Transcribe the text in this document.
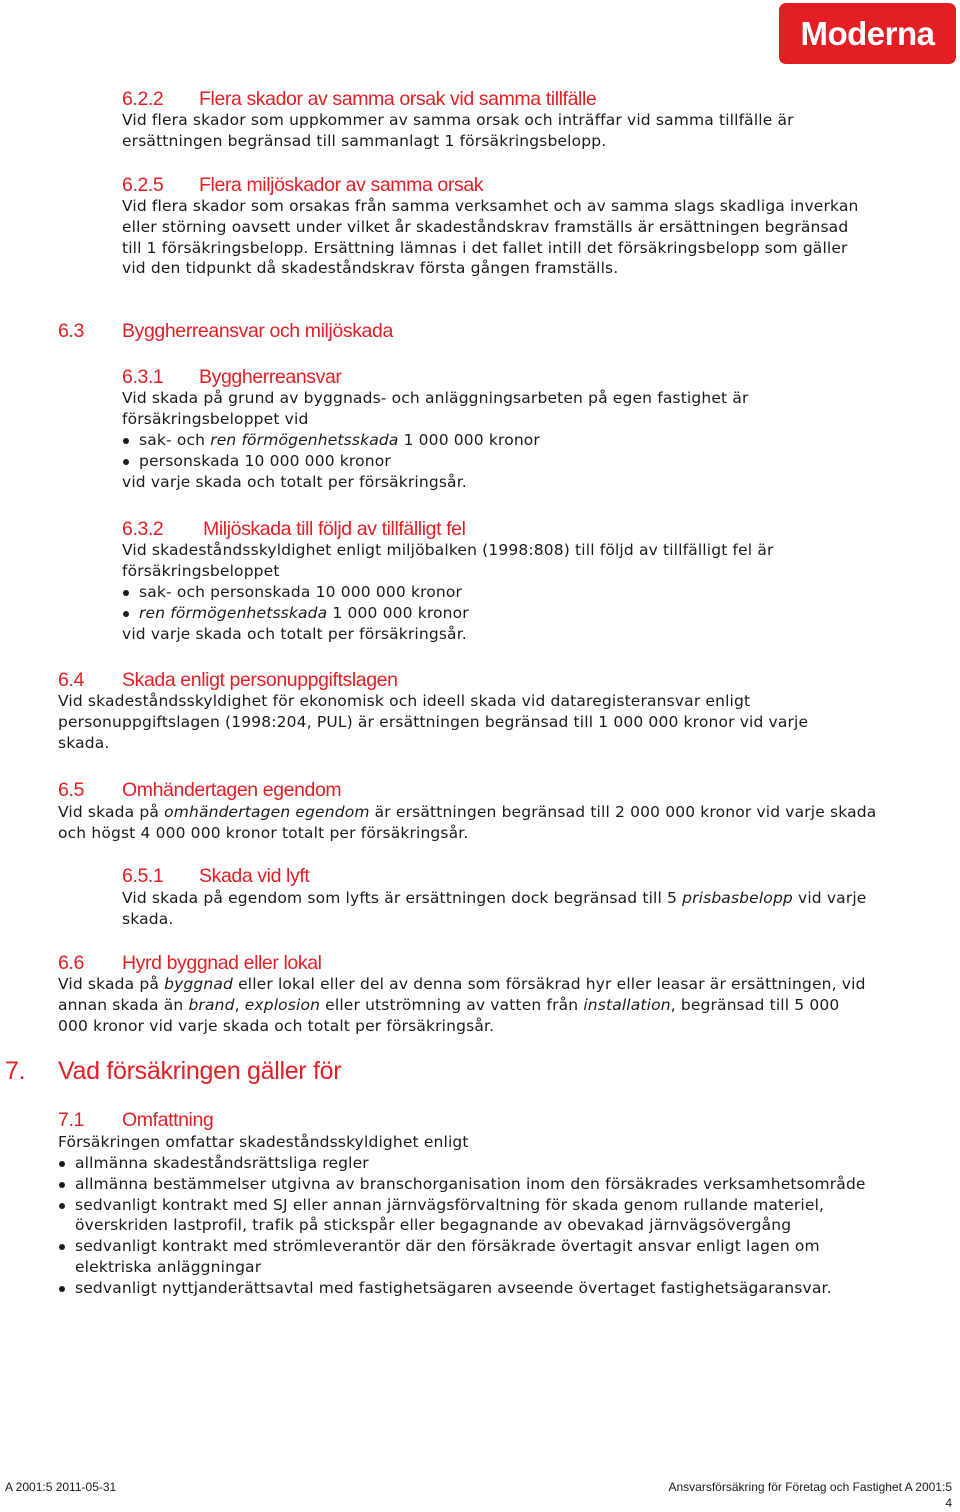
Moderna
6.2.2 Flera skador av samma orsak vid samma tillfälle

Vid flera skador som uppkommer av samma orsak och inträffar vid samma tillfälle är ersättningen begränsad till sammanlagt 1 försäkringsbelopp.

6.2.5 Flera miljöskador av samma orsak

Vid flera skador som orsakas från samma verksamhet och av samma slags skadliga inverkan eller störning oavsett under vilket år skadeståndskrav framställs är ersättningen begränsad till 1 försäkringsbelopp. Ersättning lämnas i det fallet intill det försäkringsbelopp som gäller vid den tidpunkt då skadeståndskrav första gången framställs.

6.3 Byggherreansvar och miljöskada
6.3.1 Byggherreansvar

Vid skada på grund av byggnads- och anläggningsarbeten på egen fastighet är försäkringsbeloppet vid

sak- och ren förmögenhetsskada 1 000 000 kronor
personskada 10 000 000 kronor

vid varje skada och totalt per försäkringsår.

6.3.2 Miljöskada till följd av tillfälligt fel

Vid skadeståndsskyldighet enligt miljöbalken (1998:808) till följd av tillfälligt fel är försäkringsbeloppet

sak- och personskada 10 000 000 kronor
ren förmögenhetsskada 1 000 000 kronor

vid varje skada och totalt per försäkringsår.

6.4 Skada enligt personuppgiftslagen

Vid skadeståndsskyldighet för ekonomisk och ideell skada vid dataregisteransvar enligt personuppgiftslagen (1998:204, PUL) är ersättningen begränsad till 1 000 000 kronor vid varje skada.

6.5 Omhändertagen egendom

Vid skada på omhändertagen egendom är ersättningen begränsad till 2 000 000 kronor vid varje skada och högst 4 000 000 kronor totalt per försäkringsår.

6.5.1 Skada vid lyft

Vid skada på egendom som lyfts är ersättningen dock begränsad till 5 prisbasbelopp vid varje skada.

6.6 Hyrd byggnad eller lokal

Vid skada på byggnad eller lokal eller del av denna som försäkrad hyr eller leasar är ersättningen, vid annan skada än brand, explosion eller utströmning av vatten från installation, begränsad till 5 000 000 kronor vid varje skada och totalt per försäkringsår.

7. Vad försäkringen gäller för
7.1 Omfattning

Försäkringen omfattar skadeståndsskyldighet enligt

allmänna skadeståndsrättsliga regler
allmänna bestämmelser utgivna av branschorganisation inom den försäkrades verksamhetsområde
sedvanligt kontrakt med SJ eller annan järnvägsförvaltning för skada genom rullande materiel, överskriden lastprofil, trafik på stickspår eller begagnande av obevakad järnvägsövergång
sedvanligt kontrakt med strömleverantör där den försäkrade övertagit ansvar enligt lagen om elektriska anläggningar
sedvanligt nyttjanderättsavtal med fastighetsägaren avseende övertaget fastighetsägaransvar.
A 2001:5 2011-05-31	Ansvarsförsäkring för Företag och Fastighet A 2001:5
4
